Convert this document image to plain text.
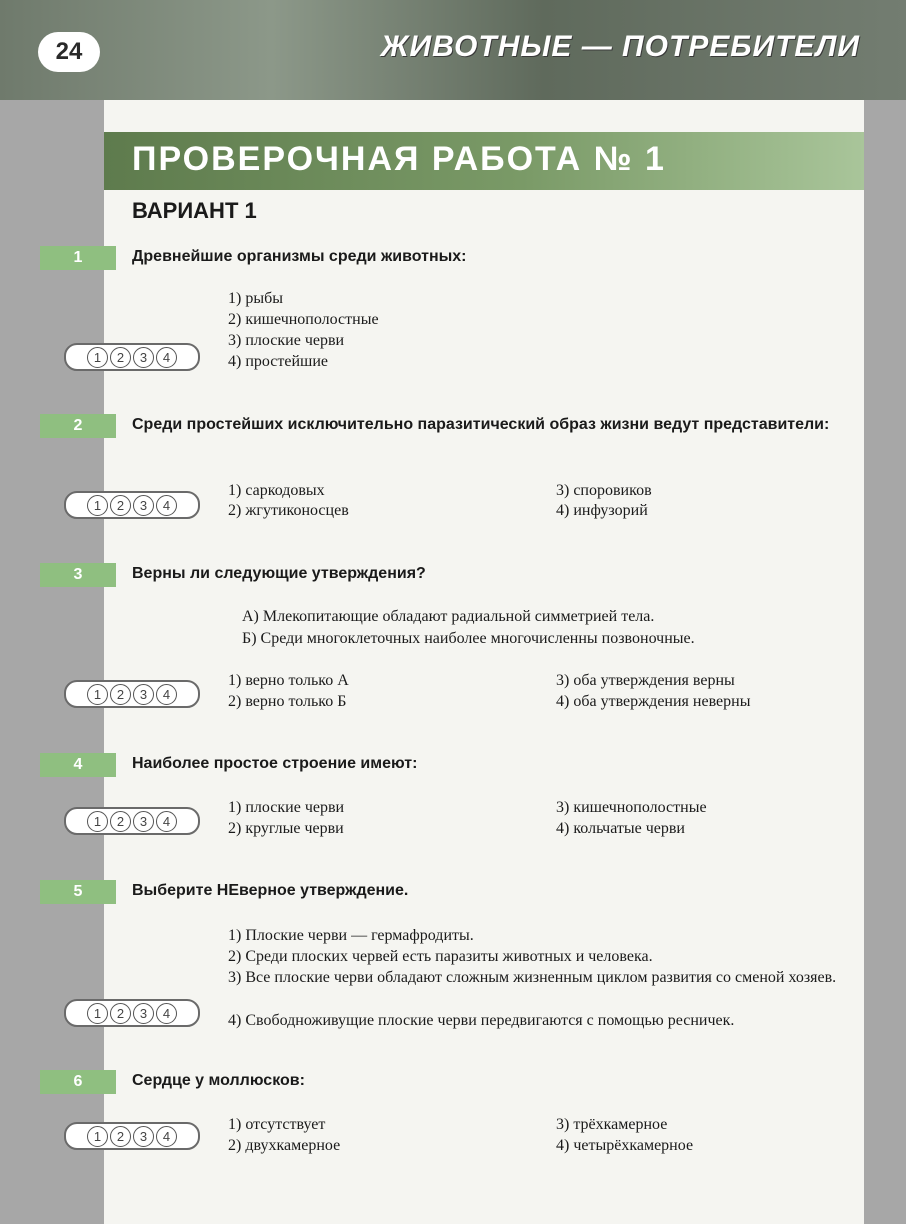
24	ЖИВОТНЫЕ — ПОТРЕБИТЕЛИ
ПРОВЕРОЧНАЯ РАБОТА № 1
ВАРИАНТ 1
1	Древнейшие организмы среди животных:
1) рыбы
2) кишечнополостные
3) плоские черви
4) простейшие
1	2	3	4
2	Среди простейших исключительно паразитический образ жизни ведут представители:
1) саркодовых
2) жгутиконосцев
3) споровиков
4) инфузорий
1	2	3	4
3	Верны ли следующие утверждения?
А) Млекопитающие обладают радиальной симметрией тела.
Б) Среди многоклеточных наиболее многочисленны позвоночные.
1) верно только А
2) верно только Б
3) оба утверждения верны
4) оба утверждения неверны
1	2	3	4
4	Наиболее простое строение имеют:
1) плоские черви
2) круглые черви
3) кишечнополостные
4) кольчатые черви
1	2	3	4
5	Выберите НЕверное утверждение.
1) Плоские черви — гермафродиты.
2) Среди плоских червей есть паразиты животных и человека.
3) Все плоские черви обладают сложным жизненным циклом развития со сменой хозяев.
4) Свободноживущие плоские черви передвигаются с помощью ресничек.
1	2	3	4
6	Сердце у моллюсков:
1) отсутствует
2) двухкамерное
3) трёхкамерное
4) четырёхкамерное
1	2	3	4
